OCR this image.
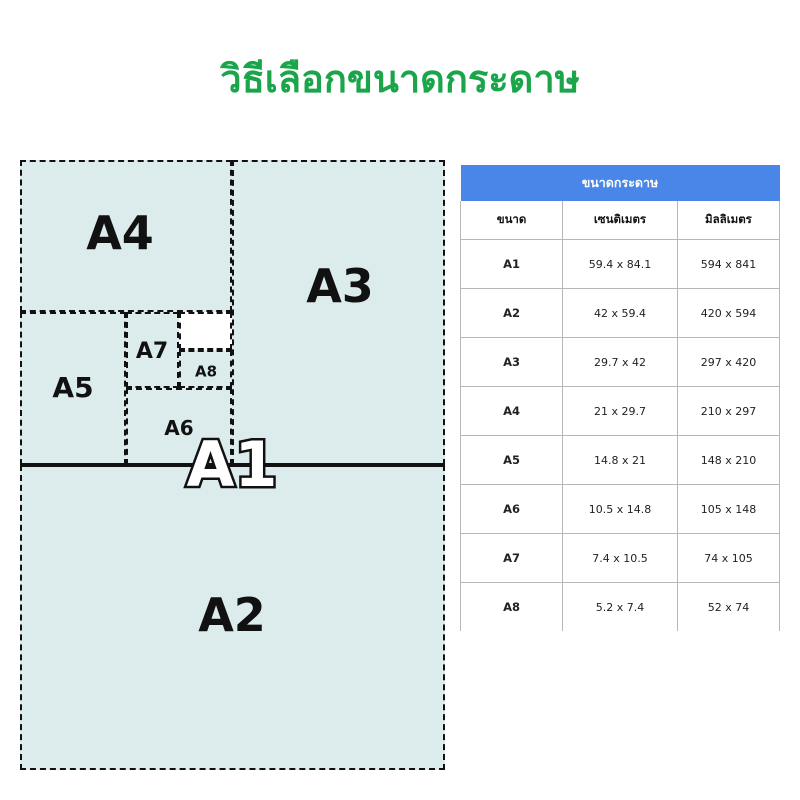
วิธีเลือกขนาดกระดาษ
A4
A3
A5
A7
A8
A6
A2
A1
ขนาดกระดาษ		
ขนาด	เซนติเมตร	มิลลิเมตร
A1	59.4 x 84.1	594 x 841
A2	42 x 59.4	420 x 594
A3	29.7 x 42	297 x 420
A4	21 x 29.7	210 x 297
A5	14.8 x 21	148 x 210
A6	10.5 x 14.8	105 x 148
A7	7.4 x 10.5	74 x 105
A8	5.2 x 7.4	52 x 74
